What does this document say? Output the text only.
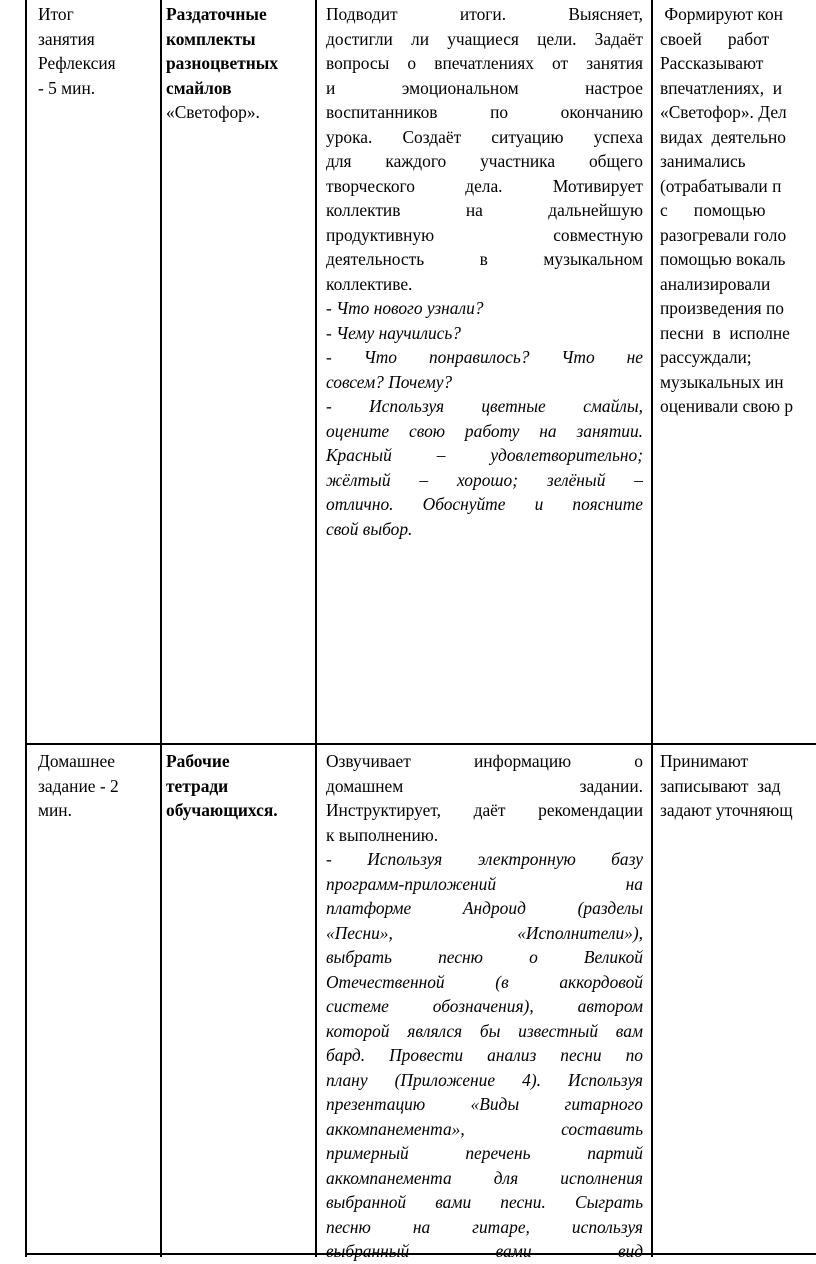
Итог
занятия
Рефлексия
- 5 мин.
Раздаточные
комплекты
разноцветных
смайлов
«Светофор».
Подводит итоги. Выясняет,
достигли ли учащиеся цели. Задаёт
вопросы о впечатлениях от занятия
и эмоциональном настрое
воспитанников по окончанию
урока. Создаёт ситуацию успеха
для каждого участника общего
творческого дела. Мотивирует
коллектив на дальнейшую
продуктивную совместную
деятельность в музыкальном
коллективе.
- Что нового узнали?
- Чему научились?
- Что понравилось? Что не
совсем? Почему?
- Используя цветные смайлы,
оцените свою работу на занятии.
Красный – удовлетворительно;
жёлтый – хорошо; зелёный –
отлично. Обоснуйте и поясните
свой выбор.
Формируют кон
своей      работ
Рассказывают
впечатлениях,  и
«Светофор». Дел
видах  деятельно
занимались
(отрабатывали п
с      помощью
разогревали голо
помощью вокаль
анализировали
произведения по
песни  в  исполне
рассуждали;
музыкальных ин
оценивали свою р
Домашнее
задание - 2
мин.
Рабочие
тетради
обучающихся.
Озвучивает информацию о
домашнем задании.
Инструктирует, даёт рекомендации
к выполнению.
- Используя электронную базу
программ-приложений на
платформе Андроид (разделы
«Песни», «Исполнители»),
выбрать песню о Великой
Отечественной (в аккордовой
системе обозначения), автором
которой являлся бы известный вам
бард. Провести анализ песни по
плану (Приложение 4). Используя
презентацию «Виды гитарного
аккомпанемента», составить
примерный перечень партий
аккомпанемента для исполнения
выбранной вами песни. Сыграть
песню на гитаре, используя
выбранный вами вид
Принимают
записывают  зад
задают уточняющ
